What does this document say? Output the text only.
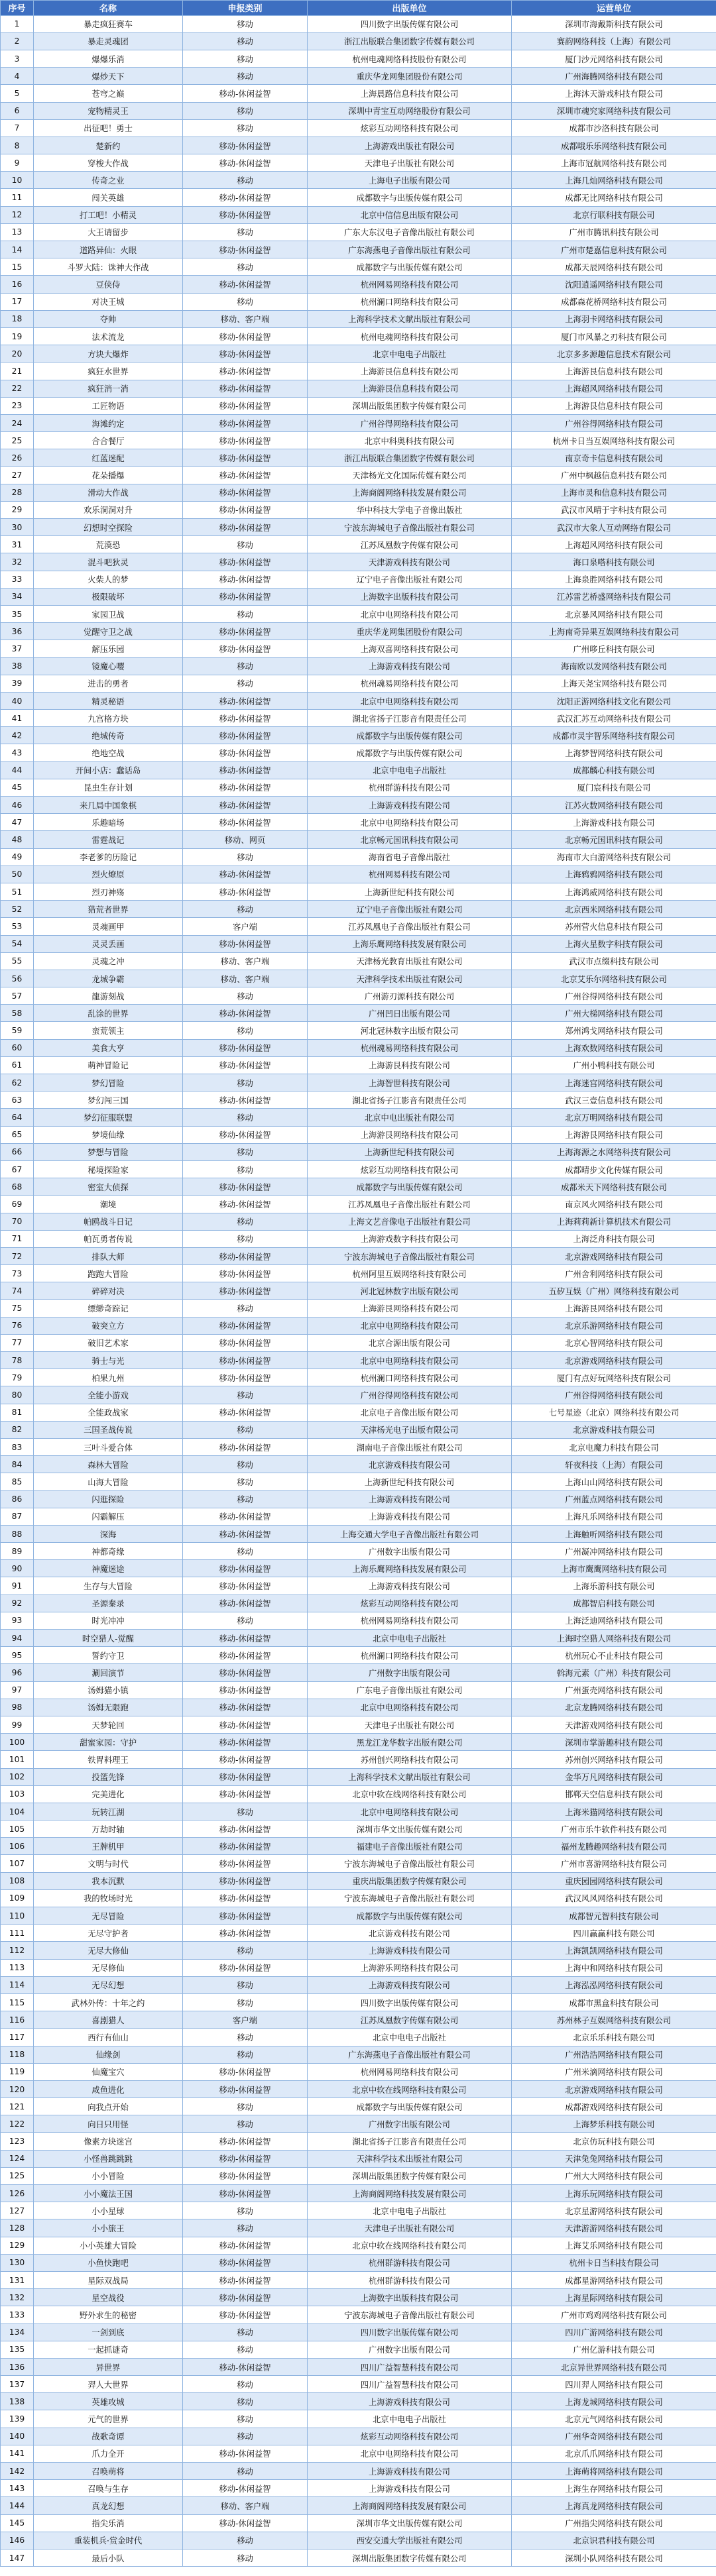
序号	名称	申报类别	出版单位	运营单位
1	暴走疯狂赛车	移动	四川数字出版传媒有限公司	深圳市海戴斯科技有限公司
2	暴走灵魂团	移动	浙江出版联合集团数字传媒有限公司	赛韵网络科技（上海）有限公司
3	爆爆乐消	移动	杭州电魂网络科技股份有限公司	厦门沙元网络科技有限公司
4	爆炒天下	移动	重庆华龙网集团股份有限公司	广州海腾网络科技有限公司
5	苍穹之巅	移动-休闲益智	上海晨路信息科技有限公司	上海沐天游戏科技有限公司
6	宠物精灵王	移动	深圳中青宝互动网络股份有限公司	深圳市魂究家网络科技有限公司
7	出征吧！勇士	移动	炫彩互动网络科技有限公司	成都市沙洛科技有限公司
8	楚新约	移动-休闲益智	上海游戏出版社有限公司	成都哦乐乐网络科技有限公司
9	穿梭大作战	移动-休闲益智	天津电子出版社有限公司	上海市冠航网络科技有限公司
10	传奇之业	移动	上海电子出版有限公司	上海几灿网络科技有限公司
11	闯关英雄	移动-休闲益智	成都数字与出版传媒有限公司	成都无比网络科技有限公司
12	打工吧！小精灵	移动-休闲益智	北京中信信息出版有限公司	北京行联科技有限公司
13	大王请留步	移动	广东大东汉电子音像出版社有限公司	广州市腾讯科技有限公司
14	道路异仙：火眼	移动-休闲益智	广东海燕电子音像出版社有限公司	广州市楚嘉信息科技有限公司
15	斗罗大陆：诛神大作战	移动	成都数字与出版传媒有限公司	成都天辰网络科技有限公司
16	豆侠侍	移动-休闲益智	杭州网易网络科技有限公司	沈阳逍遥网络科技有限公司
17	对决王城	移动	杭州澜口网络科技有限公司	成都森花桥网络科技有限公司
18	夺帅	移动、客户端	上海科学技术文献出版社有限公司	上海羽卡网络科技有限公司
19	法术流龙	移动-休闲益智	杭州电魂网络科技有限公司	厦门市风暴之刃科技有限公司
20	方块大爆炸	移动-休闲益智	北京中电电子出版社	北京多多源趣信息技术有限公司
21	疯狂水世界	移动-休闲益智	上海游艮信息科技有限公司	上海游艮信息科技有限公司
22	疯狂消一消	移动-休闲益智	上海游艮信息科技有限公司	上海超风网络科技有限公司
23	工匠物语	移动-休闲益智	深圳出版集团数字传媒有限公司	上海游艮信息科技有限公司
24	海滩约定	移动-休闲益智	广州谷得网络科技有限公司	广州谷得网络科技有限公司
25	合合餐厅	移动-休闲益智	北京中科奥科技有限公司	杭州卡日当互娱网络科技有限公司
26	红蓝迷配	移动-休闲益智	浙江出版联合集团数字传媒有限公司	南京奇卡信息科技有限公司
27	花朵播爆	移动-休闲益智	天津杨光文化国际传媒有限公司	广州中枫越信息科技有限公司
28	滑动大作战	移动-休闲益智	上海商阁网络科技发展有限公司	上海市灵和信息科技有限公司
29	欢乐洞洞对升	移动-休闲益智	华中科技大学电子音像出版社	武汉市风晴于宇科技有限公司
30	幻想时空探险	移动-休闲益智	宁波东海城电子音像出版社有限公司	武汉市大象人互动网络有限公司
31	荒漠恐	移动	江苏凤凰数字传媒有限公司	上海超风网络科技有限公司
32	混斗吧狄灵	移动-休闲益智	天津游戏科技有限公司	海口泉嗒科技有限公司
33	火柴人的梦	移动-休闲益智	辽宁电子音像出版社有限公司	上海泉胜网络科技有限公司
34	极限破坏	移动-休闲益智	上海数字出版科技有限公司	江苏雷艺桥盛网络科技有限公司
35	家园卫战	移动	北京中电网络科技有限公司	北京暴风网络科技有限公司
36	觉醒守卫之战	移动-休闲益智	重庆华龙网集团股份有限公司	上海南奇异果互娱网络科技有限公司
37	解压乐园	移动-休闲益智	上海双喜网络科技有限公司	广州哆丘科技有限公司
38	镜魔心嘤	移动	上海游戏科技有限公司	海南欧以发网络科技有限公司
39	进击的勇者	移动	杭州魂易网络科技有限公司	上海天尧宝网络科技有限公司
40	精灵秘语	移动-休闲益智	北京中电网络科技有限公司	沈阳正游网络科技文化有限公司
41	九宫格方块	移动-休闲益智	湖北省扬子江影音有限责任公司	武汉汇苏互动网络科技有限公司
42	绝城传奇	移动-休闲益智	成都数字与出版传媒有限公司	成都市灵宇智乐网络科技有限公司
43	绝地空战	移动-休闲益智	成都数字与出版传媒有限公司	上海梦智网络科技有限公司
44	开间小店：蠢话岛	移动-休闲益智	北京中电电子出版社	成都麟心科技有限公司
45	昆虫生存计划	移动-休闲益智	杭州群游科技有限公司	厦门宸科技有限公司
46	来几局中国象棋	移动-休闲益智	上海游戏科技有限公司	江苏火数网络科技有限公司
47	乐趣暗场	移动-休闲益智	北京中电网络科技有限公司	上海游戏科技有限公司
48	雷霆战记	移动、网页	北京畅元国讯科技有限公司	北京畅元国讯科技有限公司
49	李老爹的历险记	移动	海南省电子音像出版社	海南市大白游网络科技有限公司
50	烈火燎原	移动-休闲益智	杭州网易科技有限公司	上海鸦鸦网络科技有限公司
51	烈刃神殇	移动-休闲益智	上海新世纪科技有限公司	上海鸿威网络科技有限公司
52	猎荒者世界	移动	辽宁电子音像出版社有限公司	北京西米网络科技有限公司
53	灵魂画甲	客户端	江苏凤凰电子音像出版社有限公司	苏州营火信息科技有限公司
54	灵灵丢画	移动-休闲益智	上海乐鹰网络科技发展有限公司	上海火星数字科技有限公司
55	灵魂之冲	移动、客户端	天津杨光教育出版社有限公司	武汉市点缀科技有限公司
56	龙城争霸	移动、客户端	天津科学技术出版社有限公司	北京艾乐尔网络科技有限公司
57	龍游刻战	移动	广州游刃源科技有限公司	广州谷得网络科技有限公司
58	乱涂的世界	移动-休闲益智	广州凹日出版有限公司	广州大梯网络科技有限公司
59	蛮荒领主	移动	河北冠林数字出版有限公司	郑州鸿戈网络科技有限公司
60	美食大亨	移动-休闲益智	杭州魂易网络科技有限公司	上海欢数网络科技有限公司
61	萌神冒险记	移动-休闲益智	上海游艮科技有限公司	广州小鸭科技有限公司
62	梦幻冒险	移动	上海智世科技有限公司	上海迷宫网络科技有限公司
63	梦幻闯三国	移动-休闲益智	湖北省扬子江影音有限责任公司	武汉三壹信息科技有限公司
64	梦幻征服联盟	移动	北京中电出版社有限公司	北京万明网络科技有限公司
65	梦境仙缘	移动-休闲益智	上海游艮网络科技有限公司	上海游艮网络科技有限公司
66	梦想与冒险	移动	上海新世纪科技有限公司	上海海源之水网络科技有限公司
67	秘境探险家	移动	炫彩互动网络科技有限公司	成都晴步文化传媒有限公司
68	密室大侦探	移动-休闲益智	成都数字与出版传媒有限公司	成都米天下网络科技有限公司
69	潮境	移动-休闲益智	江苏凤凰电子音像出版社有限公司	南京风火网络科技有限公司
70	帕鸥战斗日记	移动	上海文艺音像电子出版社有限公司	上海莉莉新计算机技术有限公司
71	帕瓦勇者传说	移动	上海游戏数字科技有限公司	上海泛舟科技有限公司
72	排队大师	移动-休闲益智	宁波东海城电子音像出版社有限公司	北京游戏网络科技有限公司
73	跑跑大冒险	移动-休闲益智	杭州阿里互娱网络科技有限公司	广州舍利网络科技有限公司
74	碎碎对决	移动-休闲益智	河北冠林数字出版有限公司	五矽互娱（广州）网络科技有限公司
75	缥缈奇踪记	移动	上海游艮网络科技有限公司	上海游艮网络科技有限公司
76	破突立方	移动-休闲益智	北京中电网络科技有限公司	北京乐游网络科技有限公司
77	破旧艺术家	移动-休闲益智	北京合源出版有限公司	北京心智网络科技有限公司
78	骑士与光	移动-休闲益智	北京中电网络科技有限公司	北京游戏网络科技有限公司
79	柏果九州	移动-休闲益智	杭州澜口网络科技有限公司	厦门有点好玩网络科技有限公司
80	全能小游戏	移动	广州谷得网络科技有限公司	广州谷得网络科技有限公司
81	全能政战家	移动-休闲益智	北京电子音像出版有限公司	七号星迹（北京）网络科技有限公司
82	三国圣战传说	移动	天津杨光电子出版有限公司	北京游戏科技有限公司
83	三叶斗爱合体	移动-休闲益智	湖南电子音像出版社有限公司	北京电魔力科技有限公司
84	森林大冒险	移动	北京游戏科技有限公司	轩夜科技（上海）有限公司
85	山海大冒险	移动	上海新世纪科技有限公司	上海山山网络科技有限公司
86	闪逛探险	移动	上海游戏科技有限公司	广州蓝点网络科技有限公司
87	闪霸解压	移动-休闲益智	上海游戏科技有限公司	上海凡乐网络科技有限公司
88	深海	移动-休闲益智	上海交通大学电子音像出版社有限公司	上海触听网络科技有限公司
89	神都奇缘	移动	广州数字出版有限公司	广州凝冲网络科技有限公司
90	神魔迷途	移动-休闲益智	上海乐鹰网络科技发展有限公司	上海市鹰鹰网络科技有限公司
91	生存与大冒险	移动-休闲益智	上海游戏科技有限公司	上海乐游科技有限公司
92	圣源秦录	移动-休闲益智	炫彩互动网络科技有限公司	成都智启科技有限公司
93	时光冲冲	移动	杭州网易网络科技有限公司	上海泛迪网络科技有限公司
94	时空猎人-觉醒	移动-休闲益智	北京中电电子出版社	上海时空猎人网络科技有限公司
95	誓约守卫	移动-休闲益智	杭州澜口网络科技有限公司	杭州玩心不止科技有限公司
96	涮回演节	移动-休闲益智	广州数字出版有限公司	斡海元素（广州）科技有限公司
97	汤姆猫小镇	移动-休闲益智	广东电子音像出版社有限公司	广州蛋壳网络科技有限公司
98	汤姆无限跑	移动-休闲益智	北京中电网络科技有限公司	北京龙腾网络科技有限公司
99	天梦轮回	移动-休闲益智	天津电子出版社有限公司	天津游戏网络科技有限公司
100	甜蜜家园：守护	移动-休闲益智	黑龙江龙华数字出版有限公司	深圳市掌游趣科技有限公司
101	铁胃料理王	移动-休闲益智	苏州创兴网络科技有限公司	苏州创兴网络科技有限公司
102	投篮先锋	移动-休闲益智	上海科学技术文献出版社有限公司	金华万凡网络科技有限公司
103	完美进化	移动-休闲益智	北京中软在线网络科技有限公司	邯郸天空信息科技有限公司
104	玩转江湖	移动	北京中电网络科技有限公司	上海米猫网络科技有限公司
105	万劫时轴	移动-休闲益智	深圳市华文出版传媒有限公司	广州市乐牛软件科技有限公司
106	王牌机甲	移动-休闲益智	福建电子音像出版社有限公司	福州龙腾趣网络科技有限公司
107	文明与时代	移动-休闲益智	宁波东海城电子音像出版社有限公司	广州市喜游网络科技有限公司
108	我本沉默	移动-休闲益智	重庆出版集团数字传媒有限公司	重庆园园网络科技有限公司
109	我的牧场时光	移动-休闲益智	宁波东海城电子音像出版社有限公司	武汉风风网络科技有限公司
110	无尽冒险	移动-休闲益智	成都数字与出版传媒有限公司	成都智元智科技有限公司
111	无尽守护者	移动-休闲益智	北京游戏科技有限公司	四川赢赢科技有限公司
112	无尽大修仙	移动	上海游戏科技有限公司	上海凯凯网络科技有限公司
113	无尽修仙	移动-休闲益智	上海游乐网络科技有限公司	上海中和网络科技有限公司
114	无尽幻想	移动	上海游戏科技有限公司	上海泓泓网络科技有限公司
115	武林外传：十年之约	移动	四川数字出版传媒有限公司	成都市黑盒科技有限公司
116	喜剧猎人	客户端	江苏凤凰数字传媒有限公司	苏州林子互娱网络科技有限公司
117	西行有仙山	移动	北京中电电子出版社	北京乐乐科技有限公司
118	仙缘剑	移动	广东海燕电子音像出版社有限公司	广州浩浩网络科技有限公司
119	仙魔宝穴	移动-休闲益智	杭州网易网络科技有限公司	广州米滴网络科技有限公司
120	咸鱼进化	移动-休闲益智	北京中软在线网络科技有限公司	北京游戏网络科技有限公司
121	向我点开始	移动	成都数字与出版传媒有限公司	成都游戏网络科技有限公司
122	向日只用怪	移动	广州数字出版有限公司	上海梦乐科技有限公司
123	像素方块迷宫	移动-休闲益智	湖北省扬子江影音有限责任公司	北京仿玩科技有限公司
124	小怪兽跳跳跳	移动-休闲益智	天津科学技术出版社有限公司	天津兔兔网络科技有限公司
125	小小冒险	移动-休闲益智	深圳出版集团数字传媒有限公司	广州大大网络科技有限公司
126	小小魔法王国	移动-休闲益智	上海商阁网络科技发展有限公司	上海乐玩网络科技有限公司
127	小小星球	移动	北京中电电子出版社	北京星游网络科技有限公司
128	小小旅王	移动	天津电子出版社有限公司	天津游游网络科技有限公司
129	小小英雄大冒险	移动-休闲益智	北京中软在线网络科技有限公司	上海艾乐网络科技有限公司
130	小鱼快跑吧	移动-休闲益智	杭州群游科技有限公司	杭州卡日当科技有限公司
131	星际双战局	移动-休闲益智	杭州群游科技有限公司	成都星游网络科技有限公司
132	星空战役	移动-休闲益智	上海数字出版科技有限公司	上海星际网络科技有限公司
133	野外求生的秘密	移动-休闲益智	宁波东海城电子音像出版社有限公司	广州市鸡鸡网络科技有限公司
134	一剑到底	移动	四川数字出版传媒有限公司	四川广游网络科技有限公司
135	一起抓谜奇	移动	广州数字出版有限公司	广州亿游科技有限公司
136	异世界	移动-休闲益智	四川广益智慧科技有限公司	北京异世界网络科技有限公司
137	羿人大世界	移动	四川广益智慧科技有限公司	四川羿人网络科技有限公司
138	英雄攻城	移动	上海游戏科技有限公司	上海龙城网络科技有限公司
139	元气的世界	移动	北京中电电子出版社	北京元气网络科技有限公司
140	战歌奇谭	移动	炫彩互动网络科技有限公司	广州华奇网络科技有限公司
141	爪力全开	移动-休闲益智	北京中电网络科技有限公司	北京爪爪网络科技有限公司
142	召唤萌将	移动	上海游戏科技有限公司	上海萌将网络科技有限公司
143	召唤与生存	移动-休闲益智	上海游戏科技有限公司	上海生存网络科技有限公司
144	真龙幻想	移动、客户端	上海商阁网络科技发展有限公司	上海真龙网络科技有限公司
145	指尖乐消	移动-休闲益智	深圳市华文出版传媒有限公司	广州指尖网络科技有限公司
146	重装机兵·赏金时代	移动	西安交通大学出版社有限公司	北京识君科技有限公司
147	最后小队	移动	深圳出版集团数字传媒有限公司	深圳小队网络科技有限公司
